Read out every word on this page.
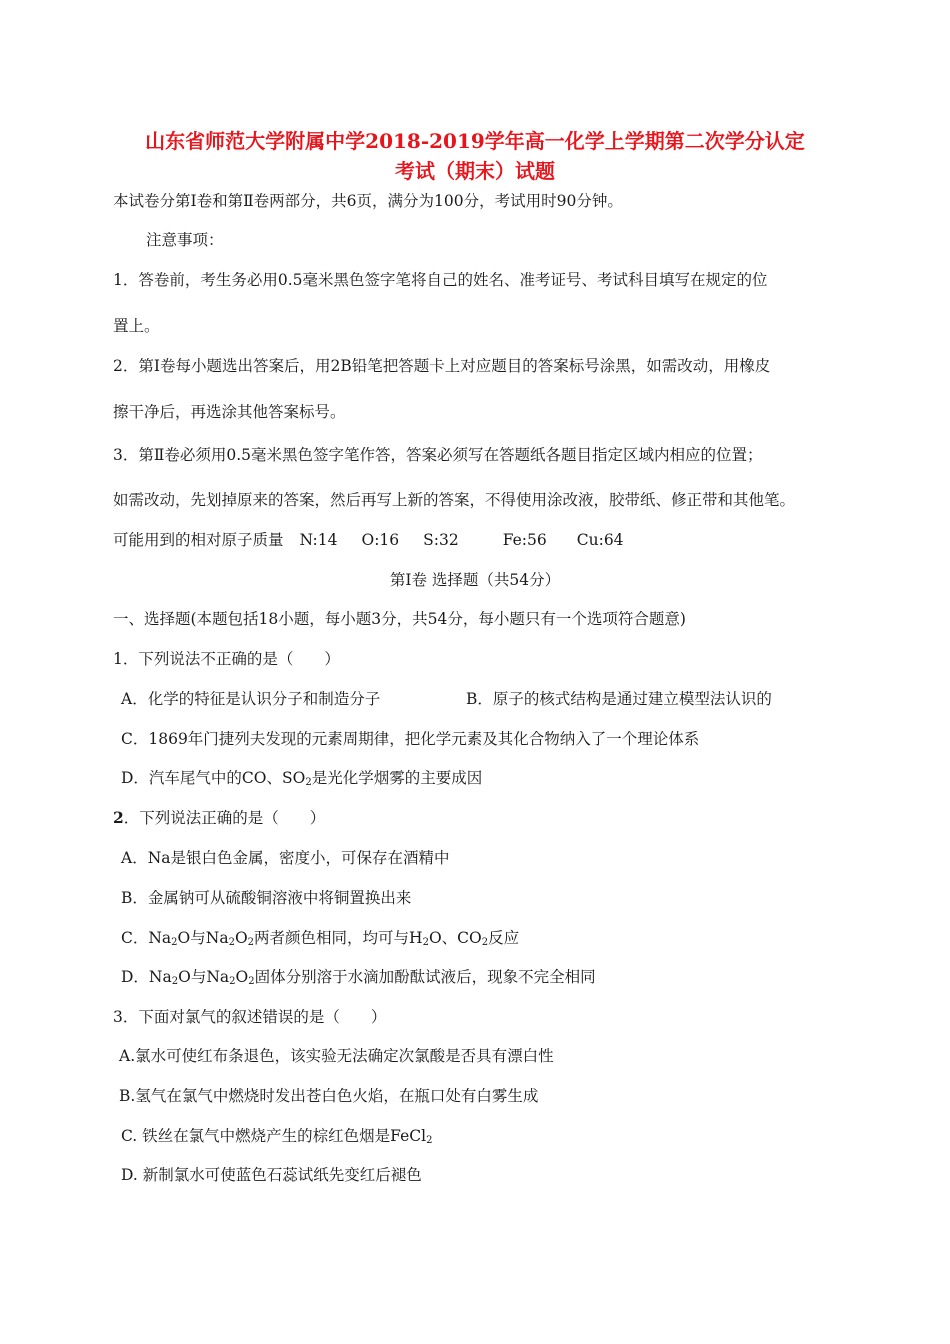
山东省师范大学附属中学2018-2019学年高一化学上学期第二次学分认定
考试（期末）试题
本试卷分第Ⅰ卷和第Ⅱ卷两部分，共6页，满分为100分，考试用时90分钟。
注意事项：
1．答卷前，考生务必用0.5毫米黑色签字笔将自己的姓名、准考证号、考试科目填写在规定的位
置上。
2．第Ⅰ卷每小题选出答案后，用2B铅笔把答题卡上对应题目的答案标号涂黑，如需改动，用橡皮
擦干净后，再选涂其他答案标号。
3．第Ⅱ卷必须用0.5毫米黑色签字笔作答，答案必须写在答题纸各题目指定区域内相应的位置；
如需改动，先划掉原来的答案，然后再写上新的答案，不得使用涂改液，胶带纸、修正带和其他笔。
可能用到的相对原子质量 N:14 O:16 S:32	Fe:56 Cu:64
第Ⅰ卷 选择题（共54分）
一、选择题(本题包括18小题，每小题3分，共54分，每小题只有一个选项符合题意)
1．下列说法不正确的是（　　）
A．化学的特征是认识分子和制造分子	B．原子的核式结构是通过建立模型法认识的
C．1869年门捷列夫发现的元素周期律，把化学元素及其化合物纳入了一个理论体系
D．汽车尾气中的CO、$SO_2$是光化学烟雾的主要成因
2．下列说法正确的是（　　）
A．Na是银白色金属，密度小，可保存在酒精中
B．金属钠可从硫酸铜溶液中将铜置换出来
C．$Na_2O$与$Na_2O_2$两者颜色相同，均可与$H_2O$、$CO_2$反应
D．$Na_2O$与$Na_2O_2$固体分别溶于水滴加酚酞试液后，现象不完全相同
3．下面对氯气的叙述错误的是（　　）
A.氯水可使红布条退色，该实验无法确定次氯酸是否具有漂白性
B.氢气在氯气中燃烧时发出苍白色火焰，在瓶口处有白雾生成
C. 铁丝在氯气中燃烧产生的棕红色烟是FeCl$_2$
D. 新制氯水可使蓝色石蕊试纸先变红后褪色
